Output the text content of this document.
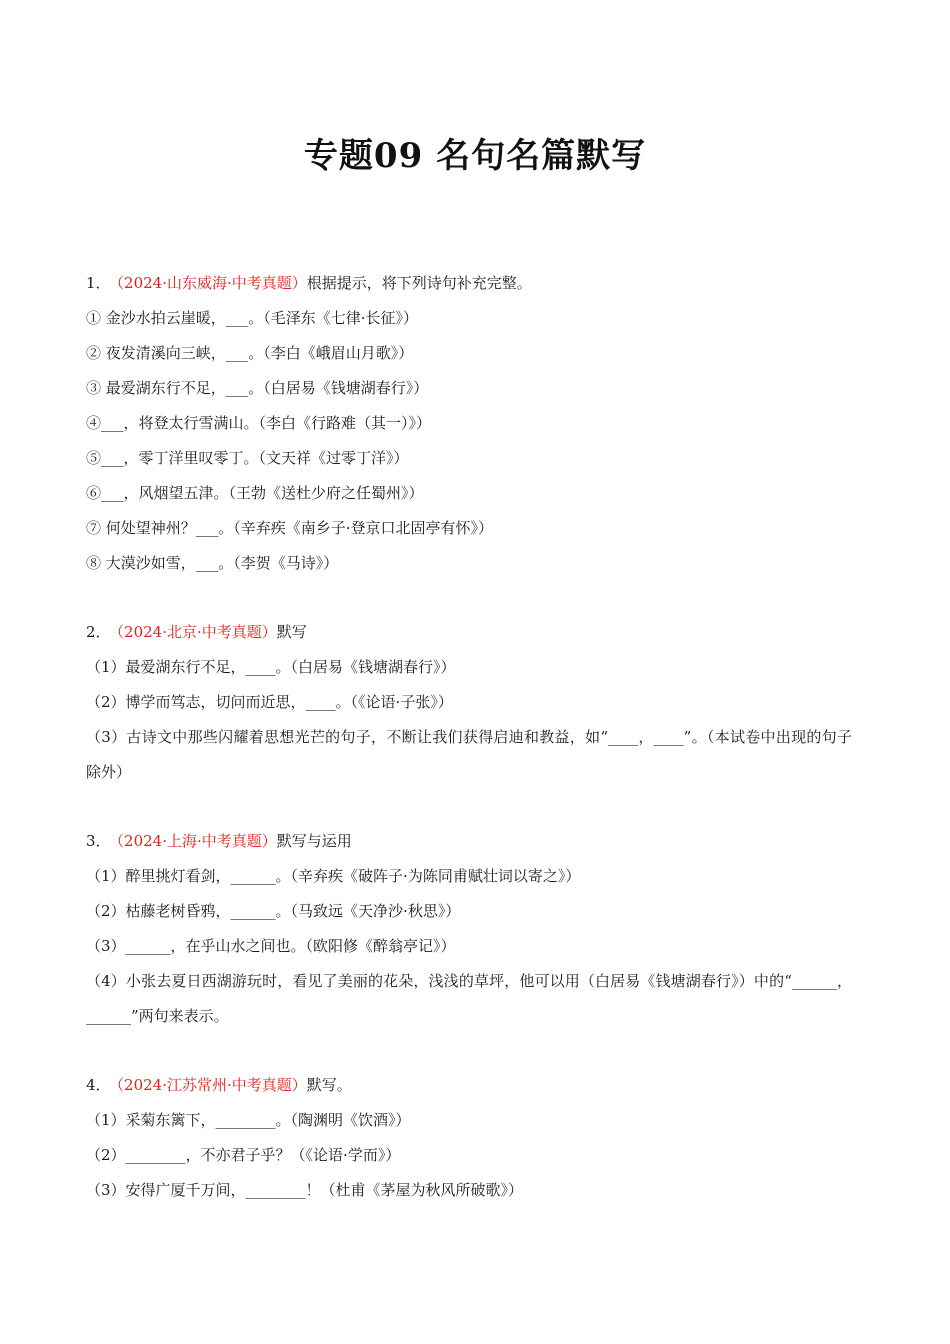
专题09 名句名篇默写
1． （2024·山东威海·中考真题）根据提示，将下列诗句补充完整。
① 金沙水拍云崖暖，___。（毛泽东《七律·长征》）
② 夜发清溪向三峡，___。（李白《峨眉山月歌》）
③ 最爱湖东行不足，___。（白居易《钱塘湖春行》）
④___，将登太行雪满山。（李白《行路难（其一）》）
⑤___，零丁洋里叹零丁。（文天祥《过零丁洋》）
⑥___，风烟望五津。（王勃《送杜少府之任蜀州》）
⑦ 何处望神州？___。（辛弃疾《南乡子·登京口北固亭有怀》）
⑧ 大漠沙如雪，___。（李贺《马诗》）
2． （2024·北京·中考真题）默写
（1）最爱湖东行不足，____。（白居易《钱塘湖春行》）
（2）博学而笃志，切问而近思，____。（《论语·子张》）
（3）古诗文中那些闪耀着思想光芒的句子，不断让我们获得启迪和教益，如“____，____”。（本试卷中出现的句子除外）
3． （2024·上海·中考真题）默写与运用
（1）醉里挑灯看剑，______。（辛弃疾《破阵子·为陈同甫赋壮词以寄之》）
（2）枯藤老树昏鸦，______。（马致远《天净沙·秋思》）
（3）______，在乎山水之间也。（欧阳修《醉翁亭记》）
（4）小张去夏日西湖游玩时，看见了美丽的花朵，浅浅的草坪，他可以用（白居易《钱塘湖春行》）中的“______，______”两句来表示。
4． （2024·江苏常州·中考真题）默写。
（1）采菊东篱下，________。（陶渊明《饮酒》）
（2）________，不亦君子乎？（《论语·学而》）
（3）安得广厦千万间，________！（杜甫《茅屋为秋风所破歌》）
